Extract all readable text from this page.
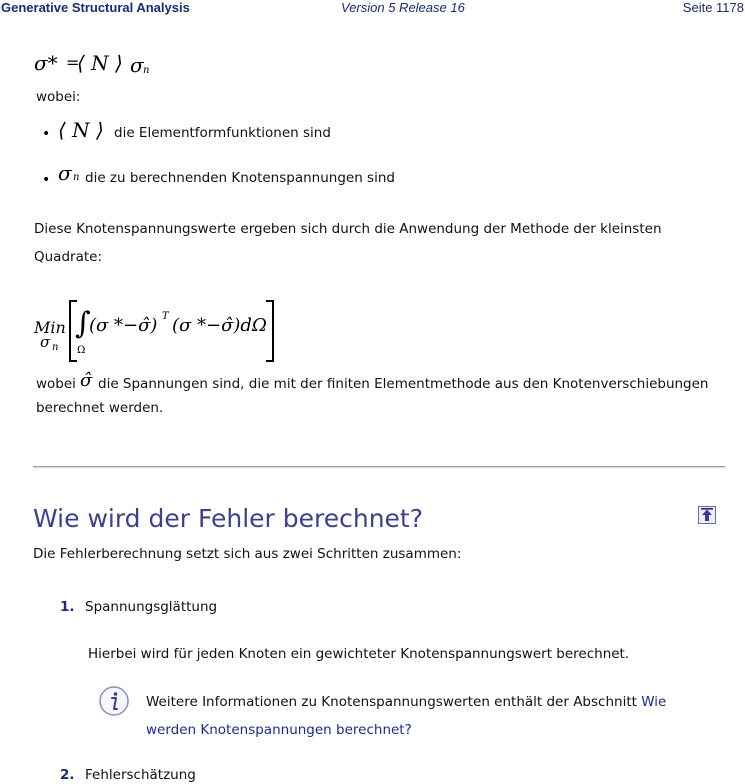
Generative Structural Analysis	Version 5 Release 16	Seite 1178
σ* =
⟨ N ⟩ σ n
wobei:
• ⟨ N ⟩ die Elementformfunktionen sind
• σ n die zu berechnenden Knotenspannungen sind
Diese Knotenspannungswerte ergeben sich durch die Anwendung der Methode der kleinsten
Quadrate:
Min
σ n
∫
Ω
(σ *−σ̂) T (σ *−σ̂)dΩ
wobei σ̂ die Spannungen sind, die mit der finiten Elementmethode aus den Knotenverschiebungen
berechnet werden.
Wie wird der Fehler berechnet?
Die Fehlerberechnung setzt sich aus zwei Schritten zusammen:
1. Spannungsglättung
Hierbei wird für jeden Knoten ein gewichteter Knotenspannungswert berechnet.
Weitere Informationen zu Knotenspannungswerten enthält der Abschnitt Wie
werden Knotenspannungen berechnet?
2. Fehlerschätzung
